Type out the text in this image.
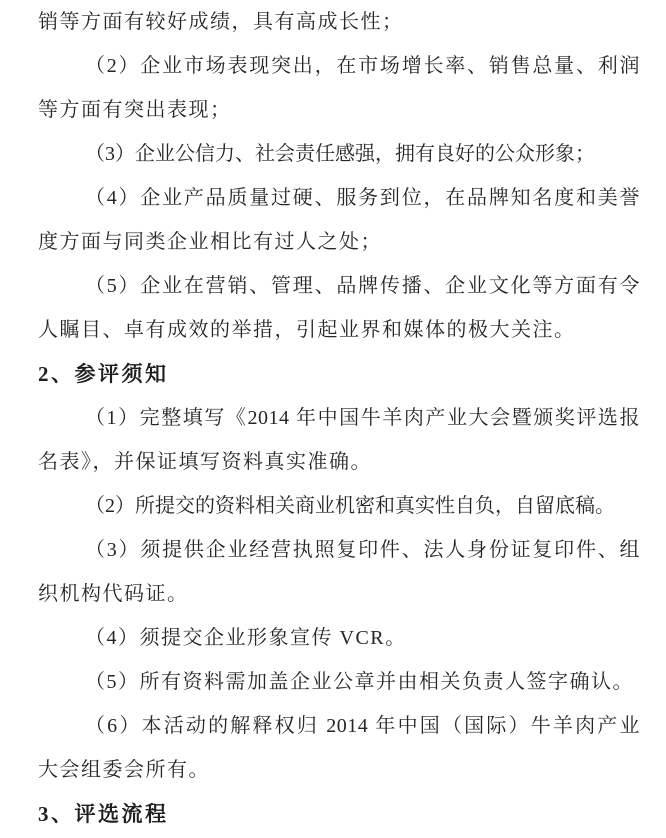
销等方面有较好成绩，具有高成长性；
（2）企业市场表现突出，在市场增长率、销售总量、利润
等方面有突出表现；
（3）企业公信力、社会责任感强，拥有良好的公众形象；
（4）企业产品质量过硬、服务到位，在品牌知名度和美誉
度方面与同类企业相比有过人之处；
（5）企业在营销、管理、品牌传播、企业文化等方面有令
人瞩目、卓有成效的举措，引起业界和媒体的极大关注。
2、参评须知
（1）完整填写《2014 年中国牛羊肉产业大会暨颁奖评选报
名表》，并保证填写资料真实准确。
（2）所提交的资料相关商业机密和真实性自负，自留底稿。
（3）须提供企业经营执照复印件、法人身份证复印件、组
织机构代码证。
（4）须提交企业形象宣传 VCR。
（5）所有资料需加盖企业公章并由相关负责人签字确认。
（6）本活动的解释权归 2014 年中国（国际）牛羊肉产业
大会组委会所有。
3、评选流程
